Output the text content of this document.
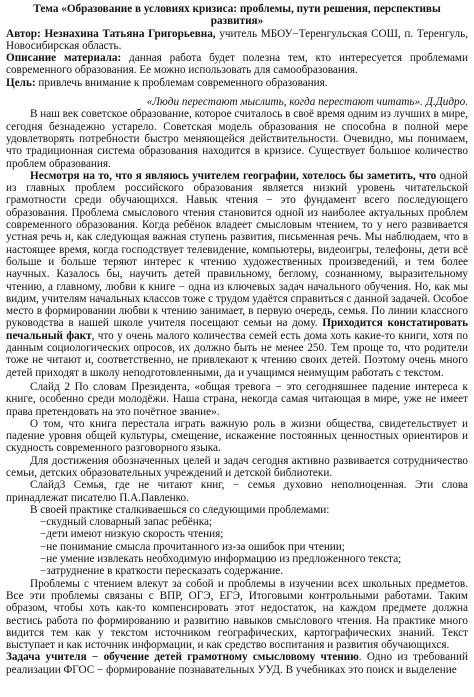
Тема «Образование в условиях кризиса: проблемы, пути решения, перспективы развития»

Автор: Незнахина Татьяна Григорьевна, учитель МБОУ−Теренгульская СОШ, п. Теренгуль, Новосибирская область.

Описание материала: данная работа будет полезна тем, кто интересуется проблемами современного образования. Ее можно использовать для самообразования.

Цель: привлечь внимание к проблемам современного образования.

«Люди перестают мыслить, когда перестают читать». Д.Дидро.

В наш век советское образование, которое считалось в своё время одним из лучших в мире, сегодня безнадежно устарело. Советская модель образования не способна в полной мере удовлетворять потребности быстро меняющейся действительности. Очевидно, мы понимаем, что традиционная система образования находится в кризисе. Существует большое количество проблем образования.

Несмотря на то, что я являюсь учителем географии, хотелось бы заметить, что одной из главных проблем российского образования является низкий уровень читательской грамотности среди обучающихся. Навык чтения − это фундамент всего последующего образования. Проблема смыслового чтения становится одной из наиболее актуальных проблем современного образования. Когда ребёнок владеет смысловым чтением, то у него развивается устная речь и, как следующая важная ступень развития, письменная речь. Мы наблюдаем, что в настоящее время, когда господствует телевидение, компьютеры, видеоигры, телефоны, дети всё больше и больше теряют интерес к чтению художественных произведений, и тем более научных. Казалось бы, научить детей правильному, беглому, сознанному, выразительному чтению, а главному, любви к книге − одна из ключевых задач начального обучения. Но, как мы видим, учителям начальных классов тоже с трудом удаётся справиться с данной задачей. Особое место в формировании любви к чтению занимает, в первую очередь, семья. По линии классного руководства в нашей школе учителя посещают семьи на дому. Приходится констатировать печальный факт, что у очень малого количества семей есть дома хоть какие-то книги, хотя по данным социологических опросов, их должно быть не менее 250. Тем проще то, что родители тоже не читают и, соответственно, не привлекают к чтению своих детей. Поэтому очень много детей приходят в школу неподготовленными, да и учащимся неимущим работать с текстом.

Слайд 2 По словам Президента, «общая тревога − это сегодняшнее падение интереса к книге, особенно среди молодёжи. Наша страна, некогда самая читающая в мире, уже не имеет права претендовать на это почётное звание».

О том, что книга перестала играть важную роль в жизни общества, свидетельствует и падение уровня общей культуры, смещение, искажение постоянных ценностных ориентиров и скудность современного разговорного языка.

Для достижения обозначенных целей и задач сегодня активно развивается сотрудничество семьи, детских образовательных учреждений и детской библиотеки.

Слайд3 Семья, где не читают книг, − семья духовно неполноценная. Эти слова принадлежат писателю П.А.Павленко.

В своей практике сталкиваешься со следующими проблемами:

−скудный словарный запас ребёнка;

−дети имеют низкую скорость чтения;

−не понимание смысла прочитанного из-за ошибок при чтении;

−не умение извлекать необходимую информацию из предложенного текста;

−затруднение в краткости пересказать содержание.

Проблемы с чтением влекут за собой и проблемы в изучении всех школьных предметов. Все эти проблемы связаны с ВПР, ОГЭ, ЕГЭ, Итоговыми контрольными работами. Таким образом, чтобы хоть как-то компенсировать этот недостаток, на каждом предмете должна вестись работа по формированию и развитию навыков смыслового чтения. На практике много видится тем как у текстом источником географических, картографических знаний. Текст выступает и как источник информации, и как средство воспитания и развития обучающихся.

Задача учителя − обучение детей грамотному смысловому чтению. Одно из требований реализации ФГОС − формирование познавательных УУД. В учебниках это поиск и выделение
